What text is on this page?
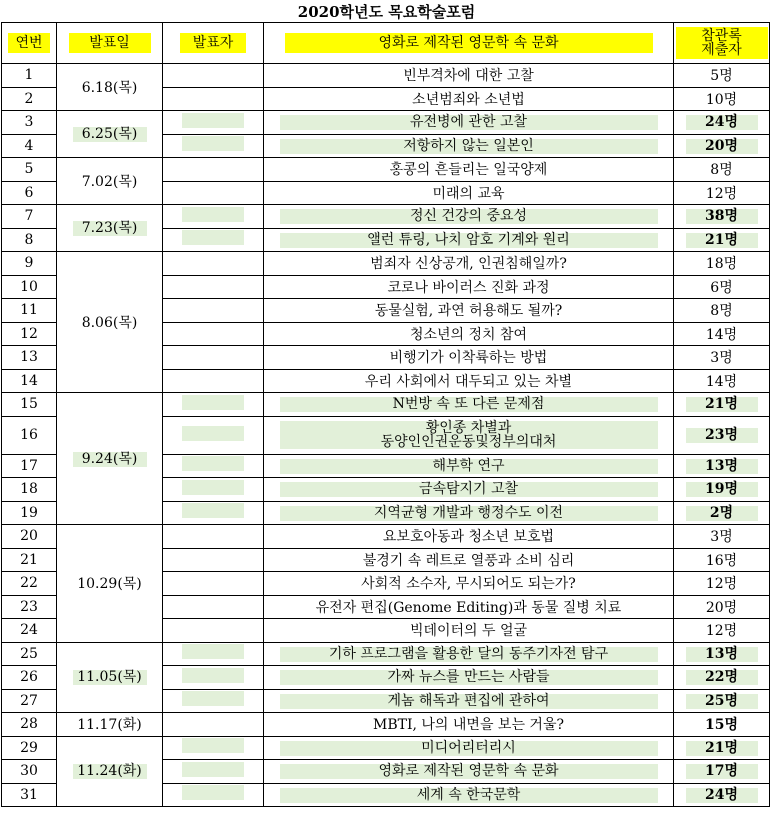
2020학년도 목요학술포럼
연번	발표일	발표자	영화로 제작된 영문학 속 문화	참관록
제출자
1	6.18(목)		빈부격차에 대한 고찰	5명
2			소년범죄와 소년법	10명
3	6.25(목)		유전병에 관한 고찰	24명
4			저항하지 않는 일본인	20명
5	7.02(목)		홍콩의 흔들리는 일국양제	8명
6			미래의 교육	12명
7	7.23(목)		정신 건강의 중요성	38명
8			앨런 튜링, 나치 암호 기계와 원리	21명
9	8.06(목)		범죄자 신상공개, 인권침해일까?	18명
10			코로나 바이러스 진화 과정	6명
11			동물실험, 과연 허용해도 될까?	8명
12			청소년의 정치 참여	14명
13			비행기가 이착륙하는 방법	3명
14			우리 사회에서 대두되고 있는 차별	14명
15	9.24(목)		N번방 속 또 다른 문제점	21명
16			황인종 차별과
동양인인권운동및정부의대처	23명
17			해부학 연구	13명
18			금속탐지기 고찰	19명
19			지역균형 개발과 행정수도 이전	2명
20	10.29(목)		요보호아동과 청소년 보호법	3명
21			불경기 속 레트로 열풍과 소비 심리	16명
22			사회적 소수자, 무시되어도 되는가?	12명
23			유전자 편집(Genome Editing)과 동물 질병 치료	20명
24			빅데이터의 두 얼굴	12명
25	11.05(목)		기하 프로그램을 활용한 달의 동주기자전 탐구	13명
26			가짜 뉴스를 만드는 사람들	22명
27			게놈 해독과 편집에 관하여	25명
28	11.17(화)		MBTI, 나의 내면을 보는 거울?	15명
29	11.24(화)		미디어리터리시	21명
30			영화로 제작된 영문학 속 문화	17명
31			세계 속 한국문학	24명
